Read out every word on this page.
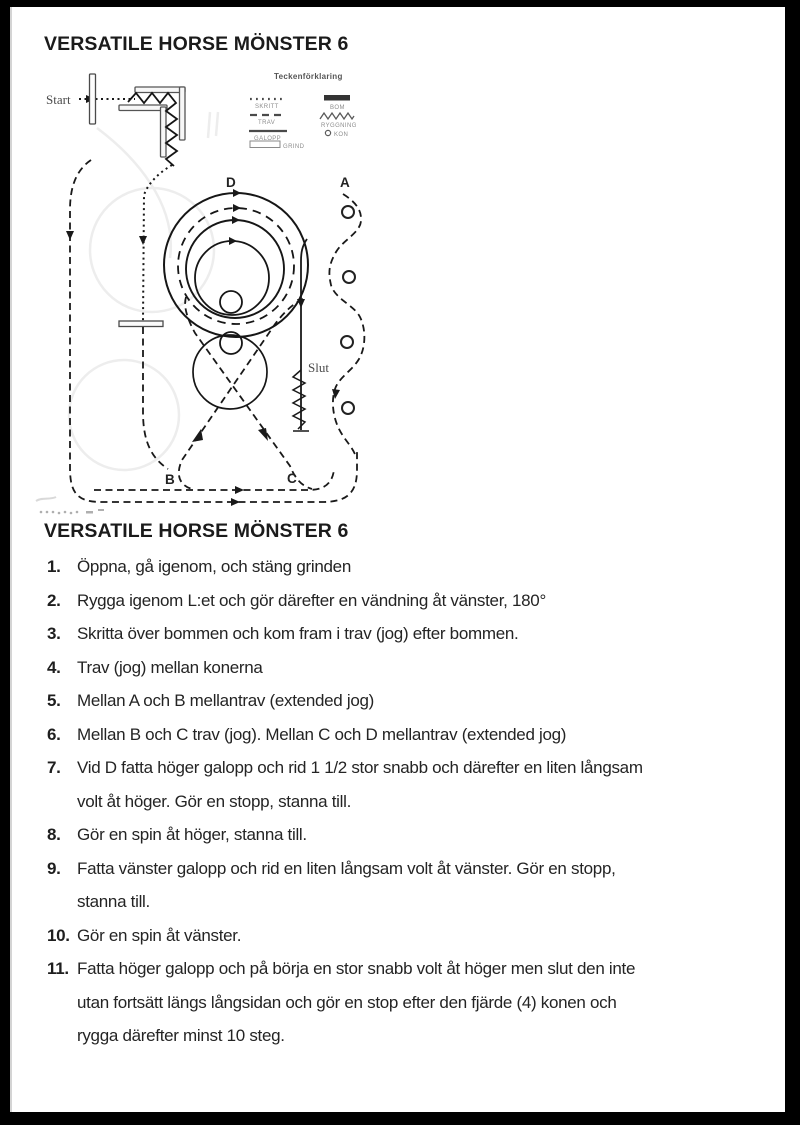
VERSATILE HORSE MÖNSTER 6
Teckenförklaring
SKRITT
TRAV
GALOPP
GRIND
BOM
RYGGNING
KON
Start
Slut
D	A
B	C
VERSATILE HORSE MÖNSTER 6
1. Öppna, gå igenom, och stäng grinden
2. Rygga igenom L:et och gör därefter en vändning åt vänster, 180°
3. Skritta över bommen och kom fram i trav (jog) efter bommen.
4. Trav (jog) mellan konerna
5. Mellan A och B mellantrav (extended jog)
6. Mellan B och C trav (jog). Mellan C och D mellantrav (extended jog)
7. Vid D fatta höger galopp och rid 1 1/2 stor snabb och därefter en liten långsam
volt åt höger. Gör en stopp, stanna till.
8. Gör en spin åt höger, stanna till.
9. Fatta vänster galopp och rid en liten långsam volt åt vänster. Gör en stopp,
stanna till.
10. Gör en spin åt vänster.
11. Fatta höger galopp och på börja en stor snabb volt åt höger men slut den inte
utan fortsätt längs långsidan och gör en stop efter den fjärde (4) konen och
rygga därefter minst 10 steg.
